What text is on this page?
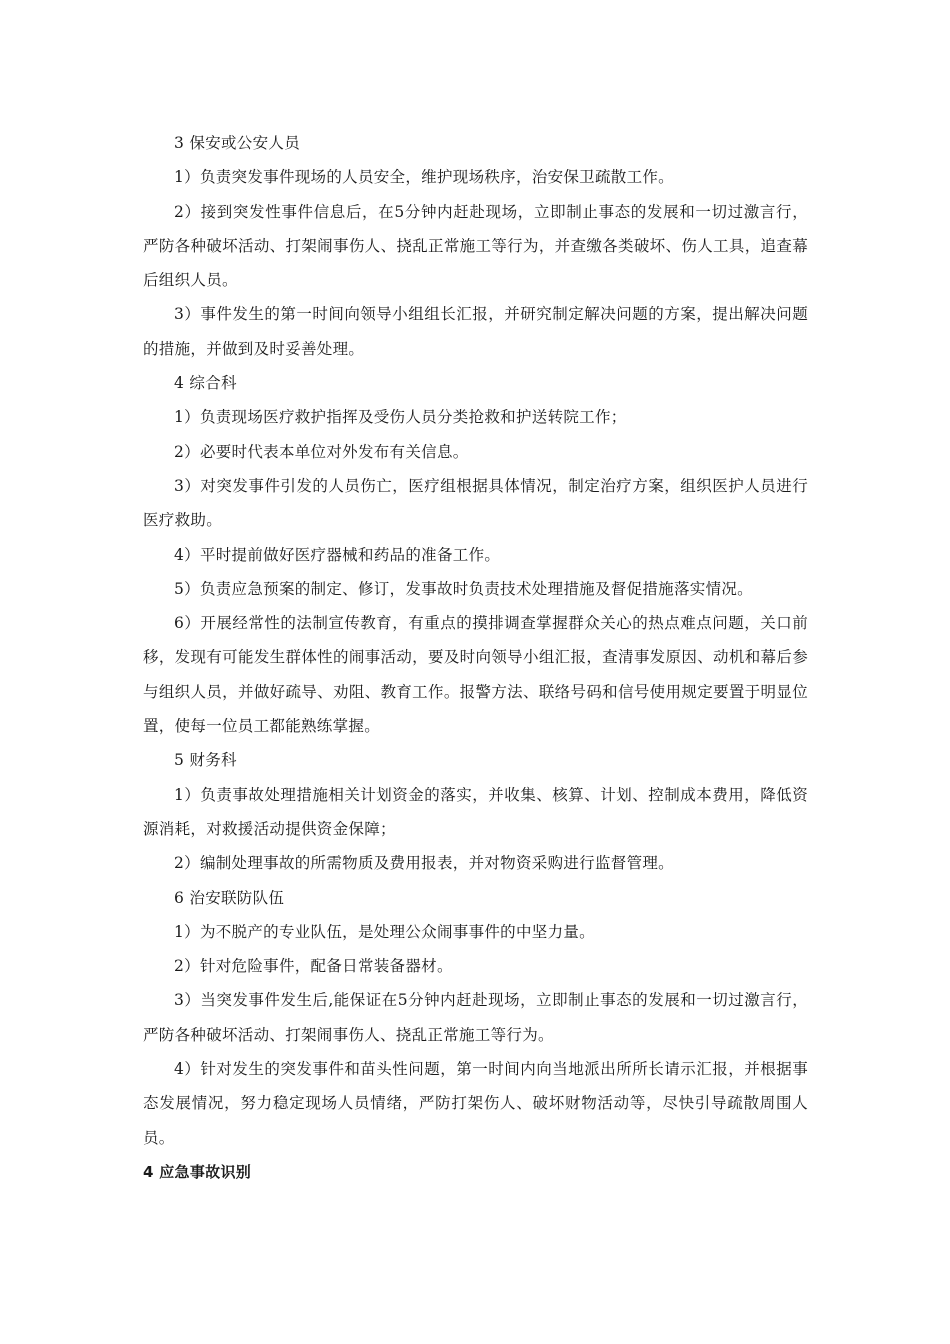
3 保安或公安人员

1）负责突发事件现场的人员安全，维护现场秩序，治安保卫疏散工作。

2）接到突发性事件信息后，在5分钟内赶赴现场，立即制止事态的发展和一切过激言行，严防各种破坏活动、打架闹事伤人、挠乱正常施工等行为，并查缴各类破坏、伤人工具，追查幕后组织人员。

3）事件发生的第一时间向领导小组组长汇报，并研究制定解决问题的方案，提出解决问题的措施，并做到及时妥善处理。

4 综合科

1）负责现场医疗救护指挥及受伤人员分类抢救和护送转院工作；

2）必要时代表本单位对外发布有关信息。

3）对突发事件引发的人员伤亡，医疗组根据具体情况，制定治疗方案，组织医护人员进行医疗救助。

4）平时提前做好医疗器械和药品的准备工作。

5）负责应急预案的制定、修订，发事故时负责技术处理措施及督促措施落实情况。

6）开展经常性的法制宣传教育，有重点的摸排调查掌握群众关心的热点难点问题，关口前移，发现有可能发生群体性的闹事活动，要及时向领导小组汇报，查清事发原因、动机和幕后参与组织人员，并做好疏导、劝阻、教育工作。报警方法、联络号码和信号使用规定要置于明显位置，使每一位员工都能熟练掌握。

5 财务科

1）负责事故处理措施相关计划资金的落实，并收集、核算、计划、控制成本费用，降低资源消耗，对救援活动提供资金保障；

2）编制处理事故的所需物质及费用报表，并对物资采购进行监督管理。

6 治安联防队伍

1）为不脱产的专业队伍，是处理公众闹事事件的中坚力量。

2）针对危险事件，配备日常装备器材。

3）当突发事件发生后,能保证在5分钟内赶赴现场，立即制止事态的发展和一切过激言行，严防各种破坏活动、打架闹事伤人、挠乱正常施工等行为。

4）针对发生的突发事件和苗头性问题，第一时间内向当地派出所所长请示汇报，并根据事态发展情况，努力稳定现场人员情绪，严防打架伤人、破坏财物活动等，尽快引导疏散周围人员。

4 应急事故识别
